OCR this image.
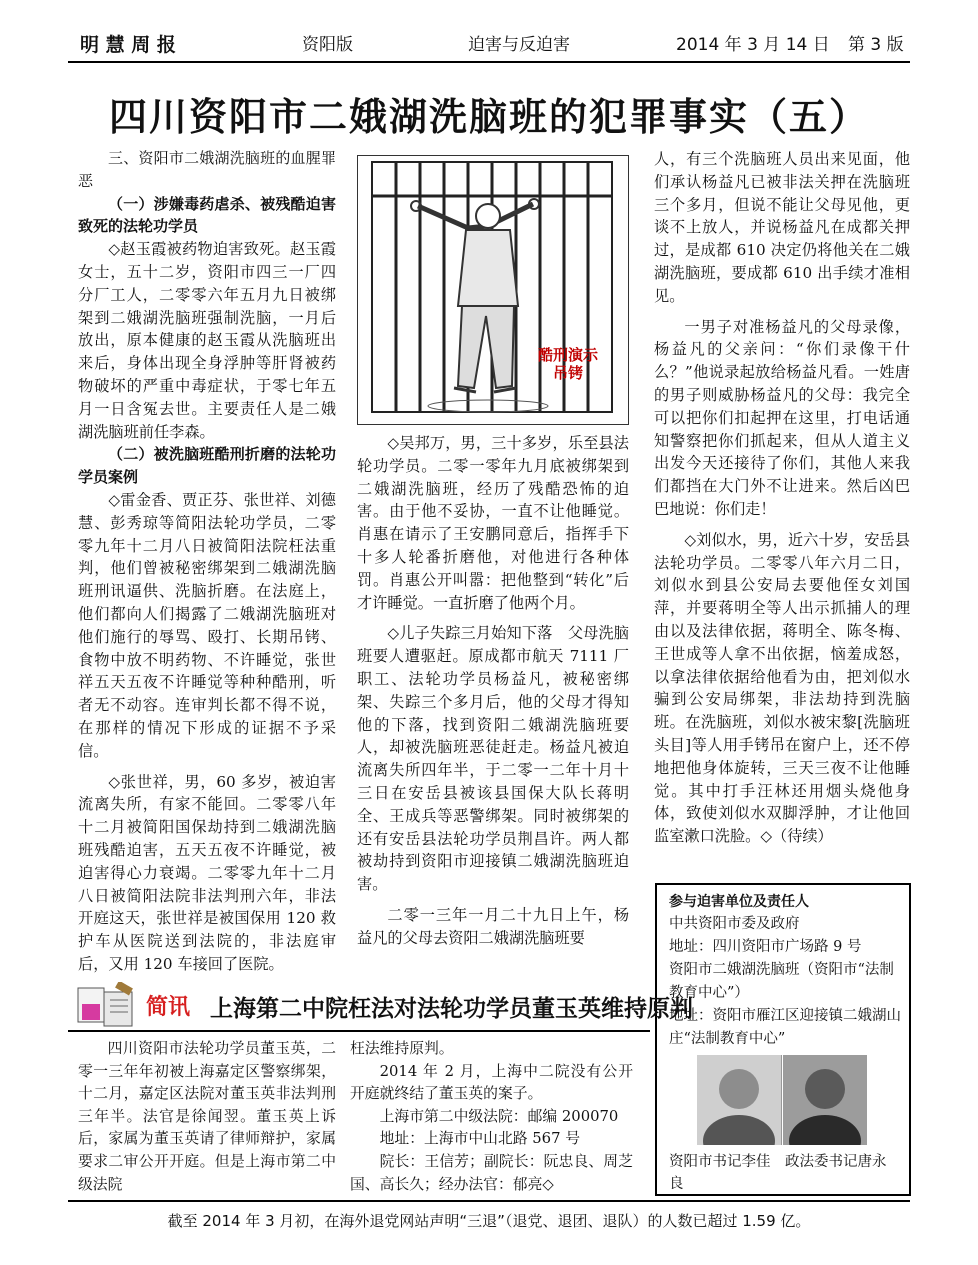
明 慧 周 报	资阳版	迫害与反迫害	2014 年 3 月 14 日 第 3 版
四川资阳市二娥湖洗脑班的犯罪事实（五）

三、资阳市二娥湖洗脑班的血腥罪恶

（一）涉嫌毒药虐杀、被残酷迫害致死的法轮功学员

◇赵玉霞被药物迫害致死。赵玉霞女士，五十二岁，资阳市四三一厂四分厂工人，二零零六年五月九日被绑架到二娥湖洗脑班强制洗脑，一月后放出，原本健康的赵玉霞从洗脑班出来后，身体出现全身浮肿等肝肾被药物破坏的严重中毒症状，于零七年五月一日含冤去世。主要责任人是二娥湖洗脑班前任李森。

（二）被洗脑班酷刑折磨的法轮功学员案例

◇雷金香、贾正芬、张世祥、刘德慧、彭秀琼等简阳法轮功学员，二零零九年十二月八日被简阳法院枉法重判，他们曾被秘密绑架到二娥湖洗脑班刑讯逼供、洗脑折磨。在法庭上，他们都向人们揭露了二娥湖洗脑班对他们施行的辱骂、殴打、长期吊铐、食物中放不明药物、不许睡觉，张世祥五天五夜不许睡觉等种种酷刑，听者无不动容。连审判长都不得不说，在那样的情况下形成的证据不予采信。

◇张世祥，男，60 多岁，被迫害流离失所，有家不能回。二零零八年十二月被简阳国保劫持到二娥湖洗脑班残酷迫害，五天五夜不许睡觉，被迫害得心力衰竭。二零零九年十二月八日被简阳法院非法判刑六年，非法开庭这天，张世祥是被国保用 120 救护车从医院送到法院的，非法庭审后，又用 120 车接回了医院。

酷刑演示
吊铐

◇吴邦万，男，三十多岁，乐至县法轮功学员。二零一零年九月底被绑架到二娥湖洗脑班，经历了残酷恐怖的迫害。由于他不妥协，一直不让他睡觉。肖惠在请示了王安鹏同意后，指挥手下十多人轮番折磨他，对他进行各种体罚。肖惠公开叫嚣：把他整到“转化”后才许睡觉。一直折磨了他两个月。

◇儿子失踪三月始知下落　父母洗脑班要人遭驱赶。原成都市航天 7111 厂职工、法轮功学员杨益凡，被秘密绑架、失踪三个多月后，他的父母才得知他的下落，找到资阳二娥湖洗脑班要人，却被洗脑班恶徒赶走。杨益凡被迫流离失所四年半，于二零一二年十月十三日在安岳县被该县国保大队长蒋明全、王成兵等恶警绑架。同时被绑架的还有安岳县法轮功学员荆昌许。两人都被劫持到资阳市迎接镇二娥湖洗脑班迫害。

二零一三年一月二十九日上午，杨益凡的父母去资阳二娥湖洗脑班要

人，有三个洗脑班人员出来见面，他们承认杨益凡已被非法关押在洗脑班三个多月，但说不能让父母见他，更谈不上放人，并说杨益凡在成都关押过，是成都 610 决定仍将他关在二娥湖洗脑班，要成都 610 出手续才准相见。

一男子对准杨益凡的父母录像，杨益凡的父亲问：“你们录像干什么？”他说录起放给杨益凡看。一姓唐的男子则威胁杨益凡的父母：我完全可以把你们扣起押在这里，打电话通知警察把你们抓起来，但从人道主义出发今天还接待了你们，其他人来我们都挡在大门外不让进来。然后凶巴巴地说：你们走！

◇刘似水，男，近六十岁，安岳县法轮功学员。二零零八年六月二日，刘似水到县公安局去要他侄女刘国萍，并要蒋明全等人出示抓捕人的理由以及法律依据，蒋明全、陈冬梅、王世成等人拿不出依据，恼羞成怒，以拿法律依据给他看为由，把刘似水骗到公安局绑架，非法劫持到洗脑班。在洗脑班，刘似水被宋黎[洗脑班头目]等人用手铐吊在窗户上，还不停地把他身体旋转，三天三夜不让他睡觉。其中打手汪林还用烟头烧他身体，致使刘似水双脚浮肿，才让他回监室漱口洗脸。◇（待续）

参与迫害单位及责任人
中共资阳市委及政府
地址：四川资阳市广场路 9 号
资阳市二娥湖洗脑班（资阳市“法制教育中心”）
地址：资阳市雁江区迎接镇二娥湖山庄“法制教育中心”
资阳市书记李佳　政法委书记唐永良
简讯 上海第二中院枉法对法轮功学员董玉英维持原判

四川资阳市法轮功学员董玉英，二零一三年年初被上海嘉定区警察绑架，十二月，嘉定区法院对董玉英非法判刑三年半。法官是徐闻翌。董玉英上诉后，家属为董玉英请了律师辩护，家属要求二审公开开庭。但是上海市第二中级法院

枉法维持原判。

2014 年 2 月，上海中二院没有公开开庭就终结了董玉英的案子。

上海市第二中级法院：邮编 200070

地址：上海市中山北路 567 号

院长：王信芳；副院长：阮忠良、周芝国、高长久；经办法官：郁亮◇

截至 2014 年 3 月初，在海外退党网站声明“三退”（退党、退团、退队）的人数已超过 1.59 亿。
